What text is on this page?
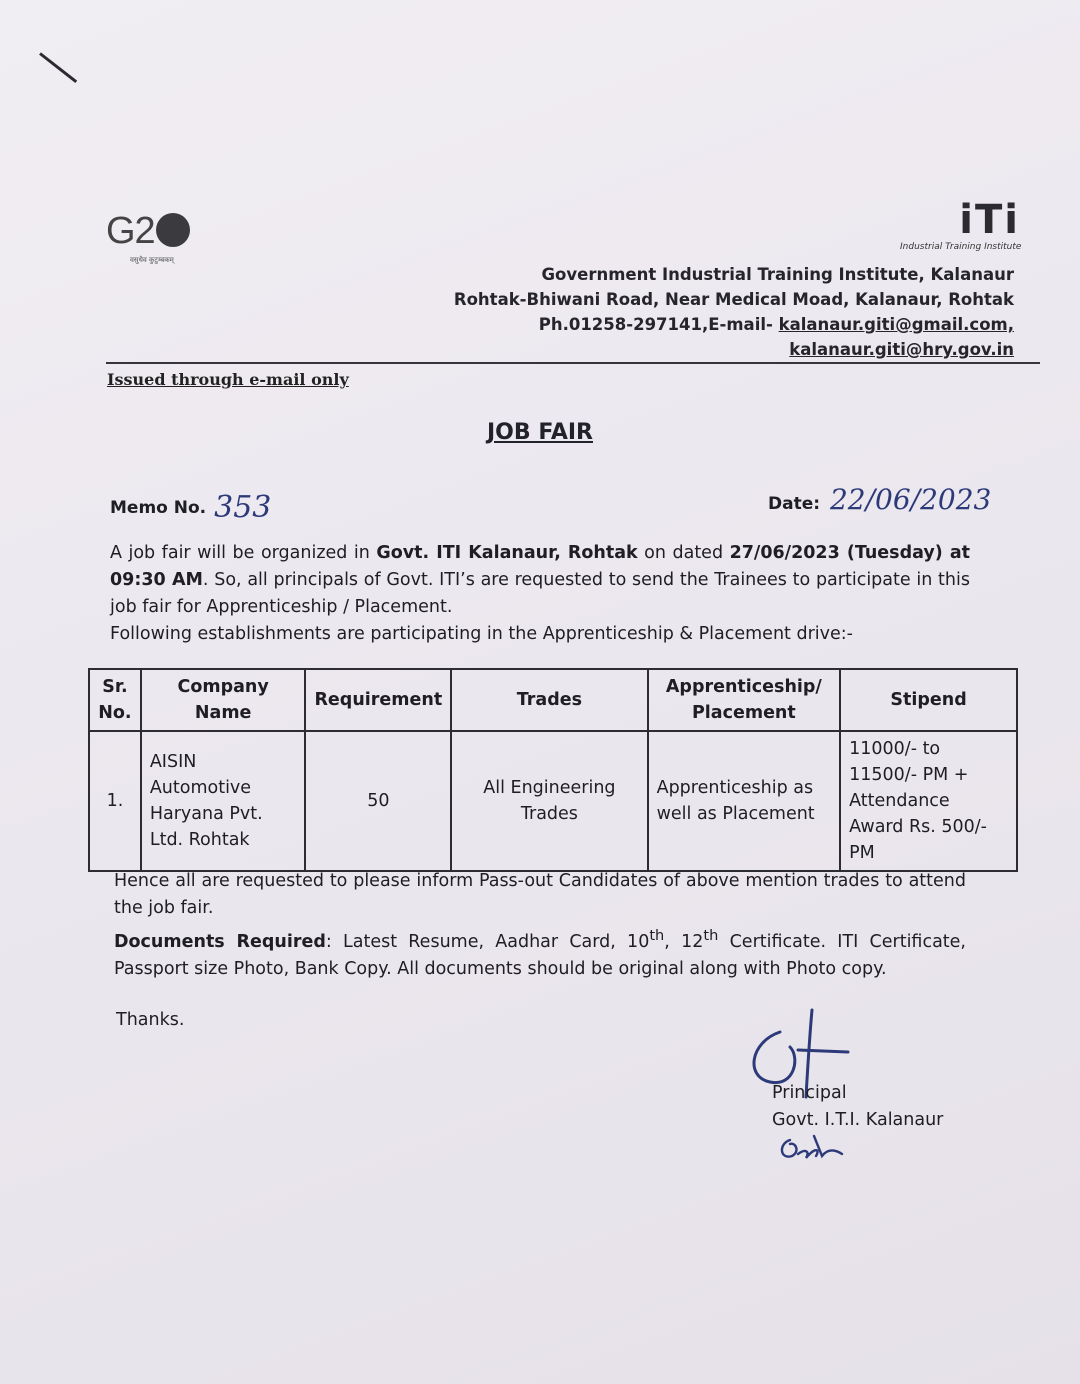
G2
वसुधैव कुटुम्बकम्
iTi
Industrial Training Institute
Government Industrial Training Institute, Kalanaur
Rohtak-Bhiwani Road, Near Medical Moad, Kalanaur, Rohtak
Ph.01258-297141,E-mail- kalanaur.giti@gmail.com,
kalanaur.giti@hry.gov.in
Issued through e-mail only
JOB FAIR
Memo No. 353	Date: 22/06/2023
A job fair will be organized in Govt. ITI Kalanaur, Rohtak on dated 27/06/2023 (Tuesday) at 09:30 AM. So, all principals of Govt. ITI’s are requested to send the Trainees to participate in this job fair for Apprenticeship / Placement.
Following establishments are participating in the Apprenticeship & Placement drive:-
Sr. No.	Company Name	Requirement	Trades	Apprenticeship/ Placement	Stipend
1.	AISIN Automotive Haryana Pvt. Ltd. Rohtak	50	All Engineering Trades	Apprenticeship as well as Placement	11000/- to 11500/- PM + Attendance Award Rs. 500/- PM
Hence all are requested to please inform Pass-out Candidates of above mention trades to attend the job fair.
Documents Required: Latest Resume, Aadhar Card, 10th, 12th Certificate. ITI Certificate, Passport size Photo, Bank Copy. All documents should be original along with Photo copy.
Thanks.
Principal
Govt. I.T.I. Kalanaur
